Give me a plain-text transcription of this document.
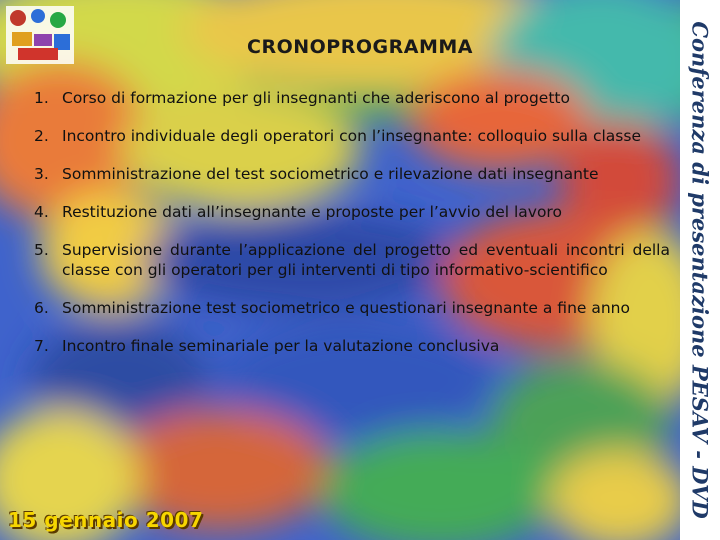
CRONOPROGRAMMA
1. Corso di formazione per gli insegnanti che aderiscono al progetto
2. Incontro individuale degli operatori con l’insegnante: colloquio sulla classe
3. Somministrazione del test sociometrico e rilevazione dati insegnante
4. Restituzione dati all’insegnante e proposte per l’avvio del lavoro
5. Supervisione durante l’applicazione del progetto ed eventuali incontri della classe con gli operatori per gli interventi di tipo informativo-scientifico
6. Somministrazione test sociometrico e questionari insegnante a fine anno
7. Incontro finale seminariale per la valutazione conclusiva	Conferenza di presentazione PESAV - DVD
15 gennaio 2007
